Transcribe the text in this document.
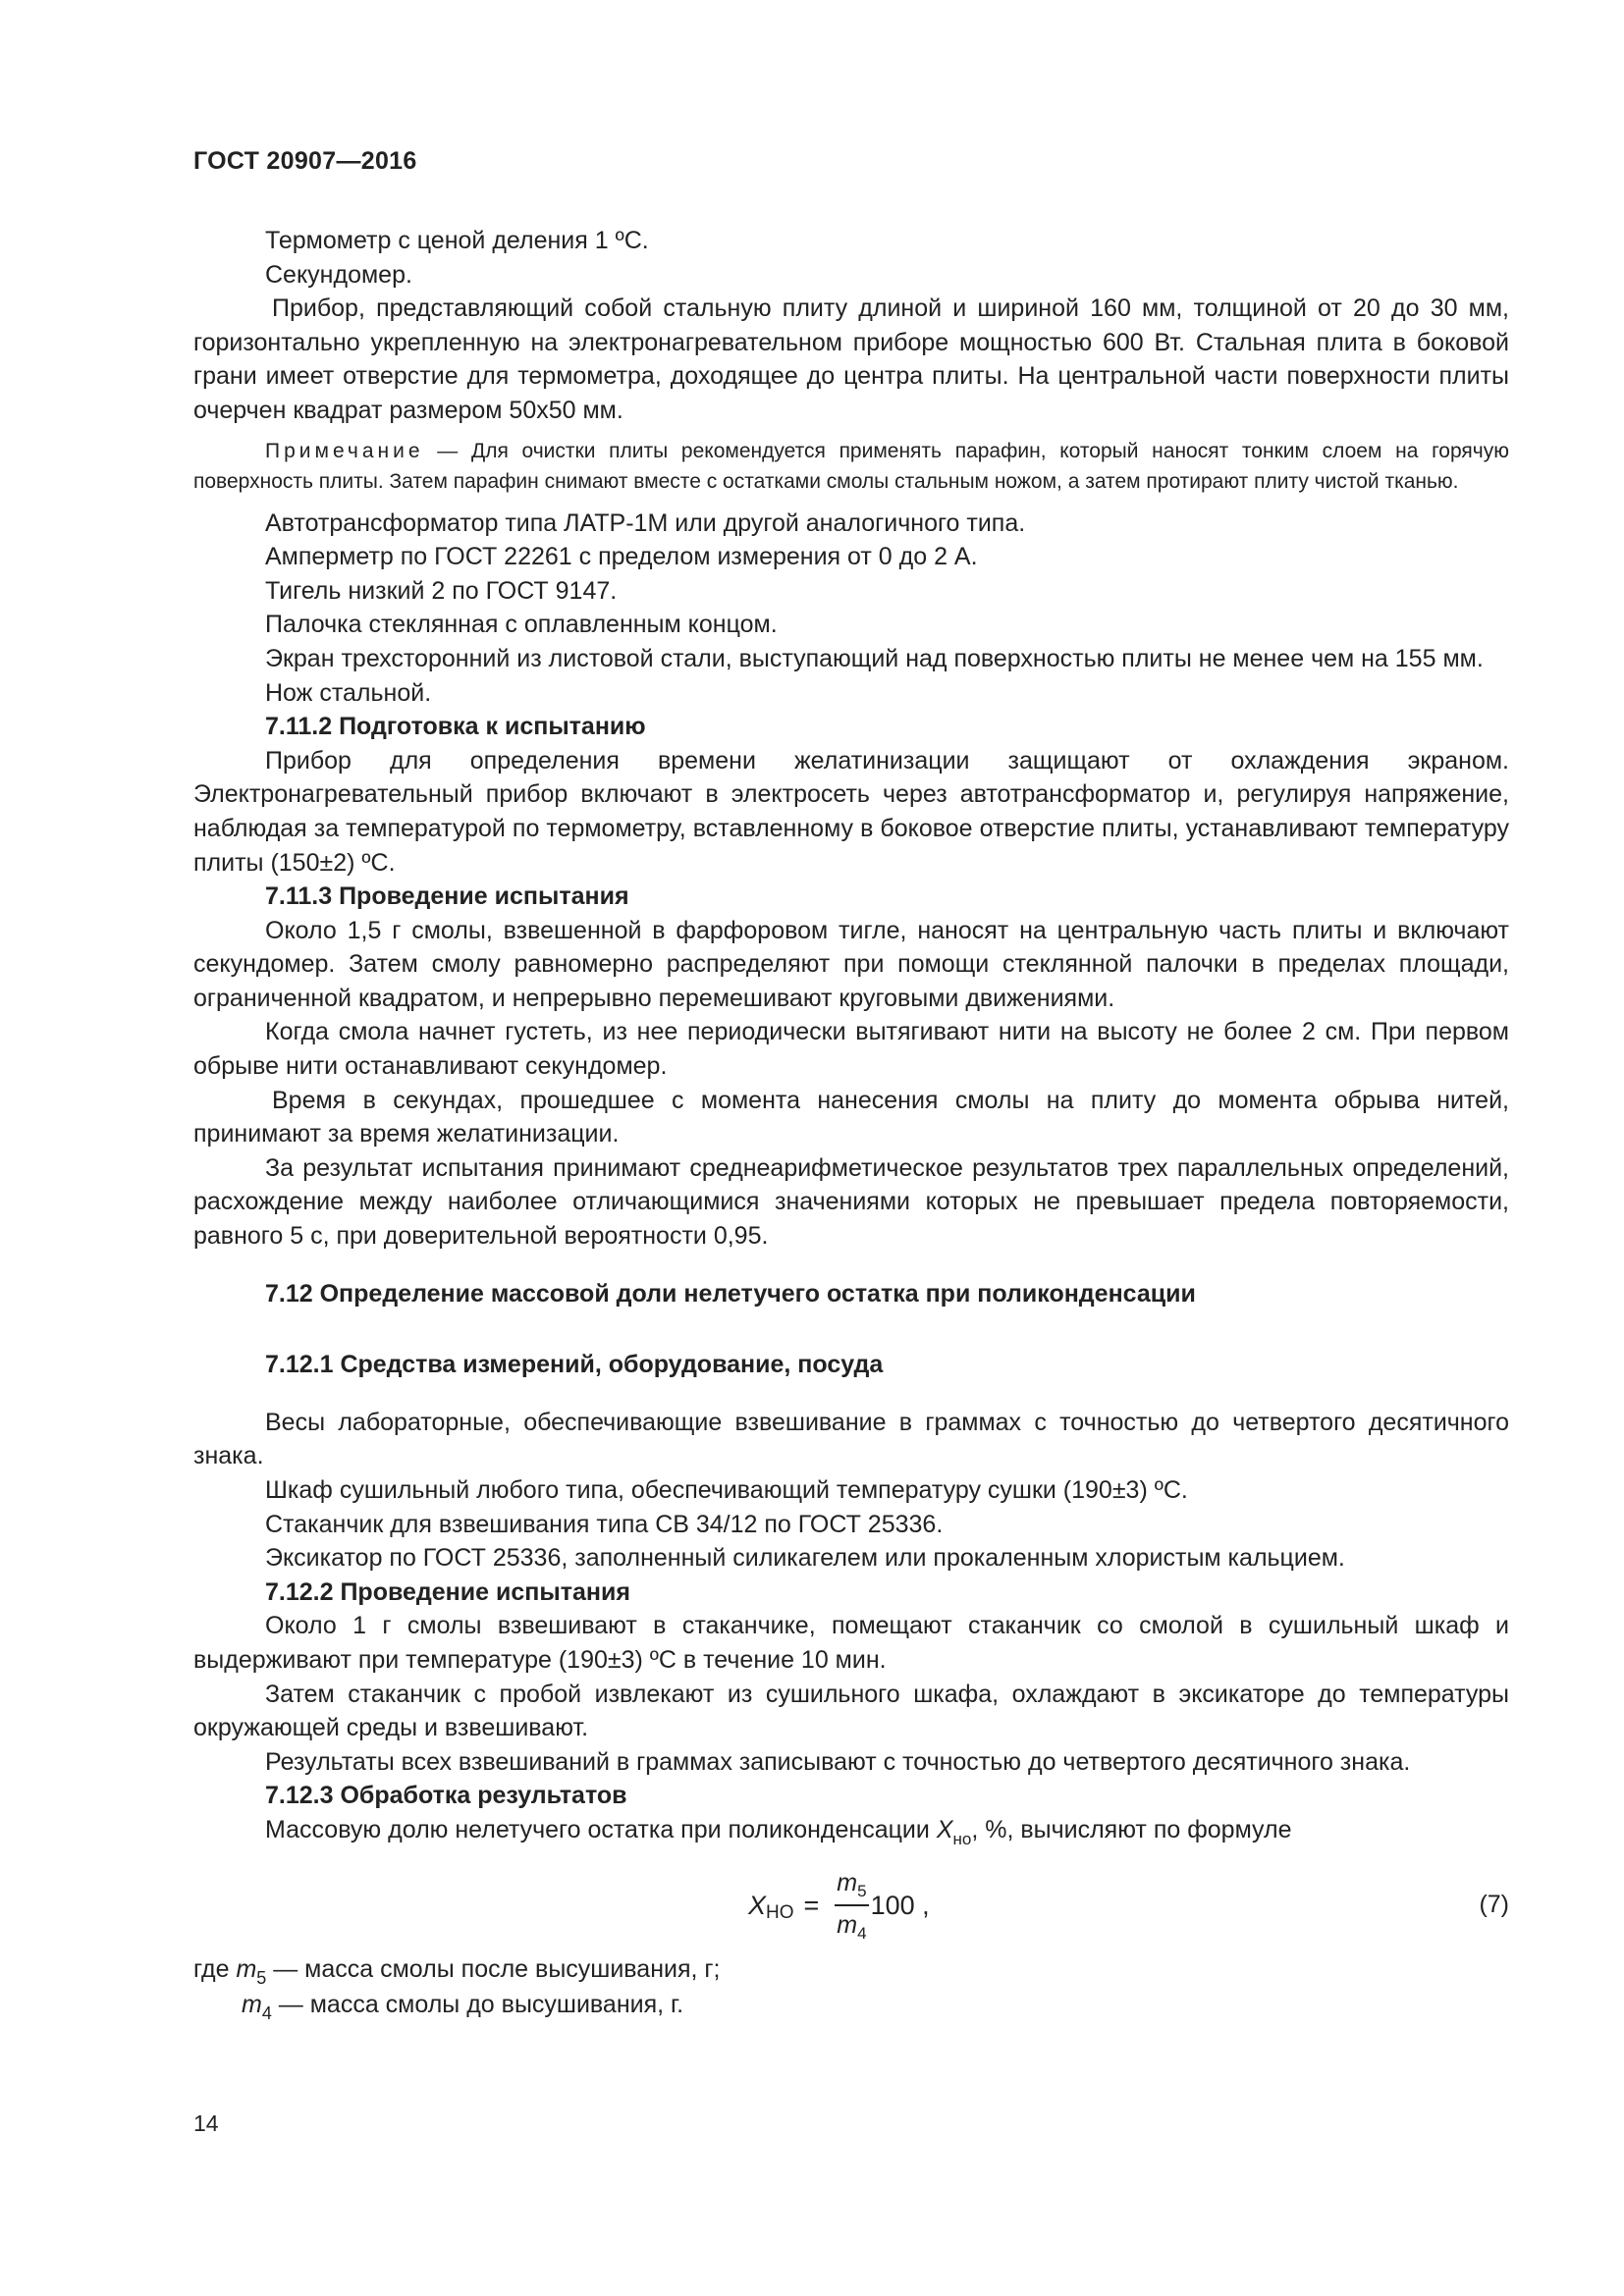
ГОСТ 20907—2016

Термометр с ценой деления 1 ºС.

Секундомер.

Прибор, представляющий собой стальную плиту длиной и шириной 160 мм, толщиной от 20 до 30 мм, горизонтально укрепленную на электронагревательном приборе мощностью 600 Вт. Стальная плита в боковой грани имеет отверстие для термометра, доходящее до центра плиты. На центральной части поверхности плиты очерчен квадрат размером 50х50 мм.

Примечание — Для очистки плиты рекомендуется применять парафин, который наносят тонким слоем на горячую поверхность плиты. Затем парафин снимают вместе с остатками смолы стальным ножом, а затем протирают плиту чистой тканью.

Автотрансформатор типа ЛАТР-1М или другой аналогичного типа.

Амперметр по ГОСТ 22261 с пределом измерения от 0 до 2 А.

Тигель низкий 2 по ГОСТ 9147.

Палочка стеклянная с оплавленным концом.

Экран трехсторонний из листовой стали, выступающий над поверхностью плиты не менее чем на 155 мм.

Нож стальной.

7.11.2 Подготовка к испытанию

Прибор для определения времени желатинизации защищают от охлаждения экраном. Электронагревательный прибор включают в электросеть через автотрансформатор и, регулируя напряжение, наблюдая за температурой по термометру, вставленному в боковое отверстие плиты, устанавливают температуру плиты (150±2) ºС.

7.11.3 Проведение испытания

Около 1,5 г смолы, взвешенной в фарфоровом тигле, наносят на центральную часть плиты и включают секундомер. Затем смолу равномерно распределяют при помощи стеклянной палочки в пределах площади, ограниченной квадратом, и непрерывно перемешивают круговыми движениями.

Когда смола начнет густеть, из нее периодически вытягивают нити на высоту не более 2 см. При первом обрыве нити останавливают секундомер.

Время в секундах, прошедшее с момента нанесения смолы на плиту до момента обрыва нитей, принимают за время желатинизации.

За результат испытания принимают среднеарифметическое результатов трех параллельных определений, расхождение между наиболее отличающимися значениями которых не превышает предела повторяемости, равного 5 с, при доверительной вероятности 0,95.

7.12 Определение массовой доли нелетучего остатка при поликонденсации

7.12.1 Средства измерений, оборудование, посуда

Весы лабораторные, обеспечивающие взвешивание в граммах с точностью до четвертого десятичного знака.

Шкаф сушильный любого типа, обеспечивающий температуру сушки (190±3) ºС.

Стаканчик для взвешивания типа СВ 34/12 по ГОСТ 25336.

Эксикатор по ГОСТ 25336, заполненный силикагелем или прокаленным хлористым кальцием.

7.12.2 Проведение испытания

Около 1 г смолы взвешивают в стаканчике, помещают стаканчик со смолой в сушильный шкаф и выдерживают при температуре (190±3) ºС в течение 10 мин.

Затем стаканчик с пробой извлекают из сушильного шкафа, охлаждают в эксикаторе до температуры окружающей среды и взвешивают.

Результаты всех взвешиваний в граммах записывают с точностью до четвертого десятичного знака.

7.12.3 Обработка результатов

Массовую долю нелетучего остатка при поликонденсации $X_{но}$, %, вычисляют по формуле

X НО = $\frac{m_5}{m_4} 100$ ,	(7)
где $m_5$ — масса смолы после высушивания, г;
$m_4$ — масса смолы до высушивания, г.
14
